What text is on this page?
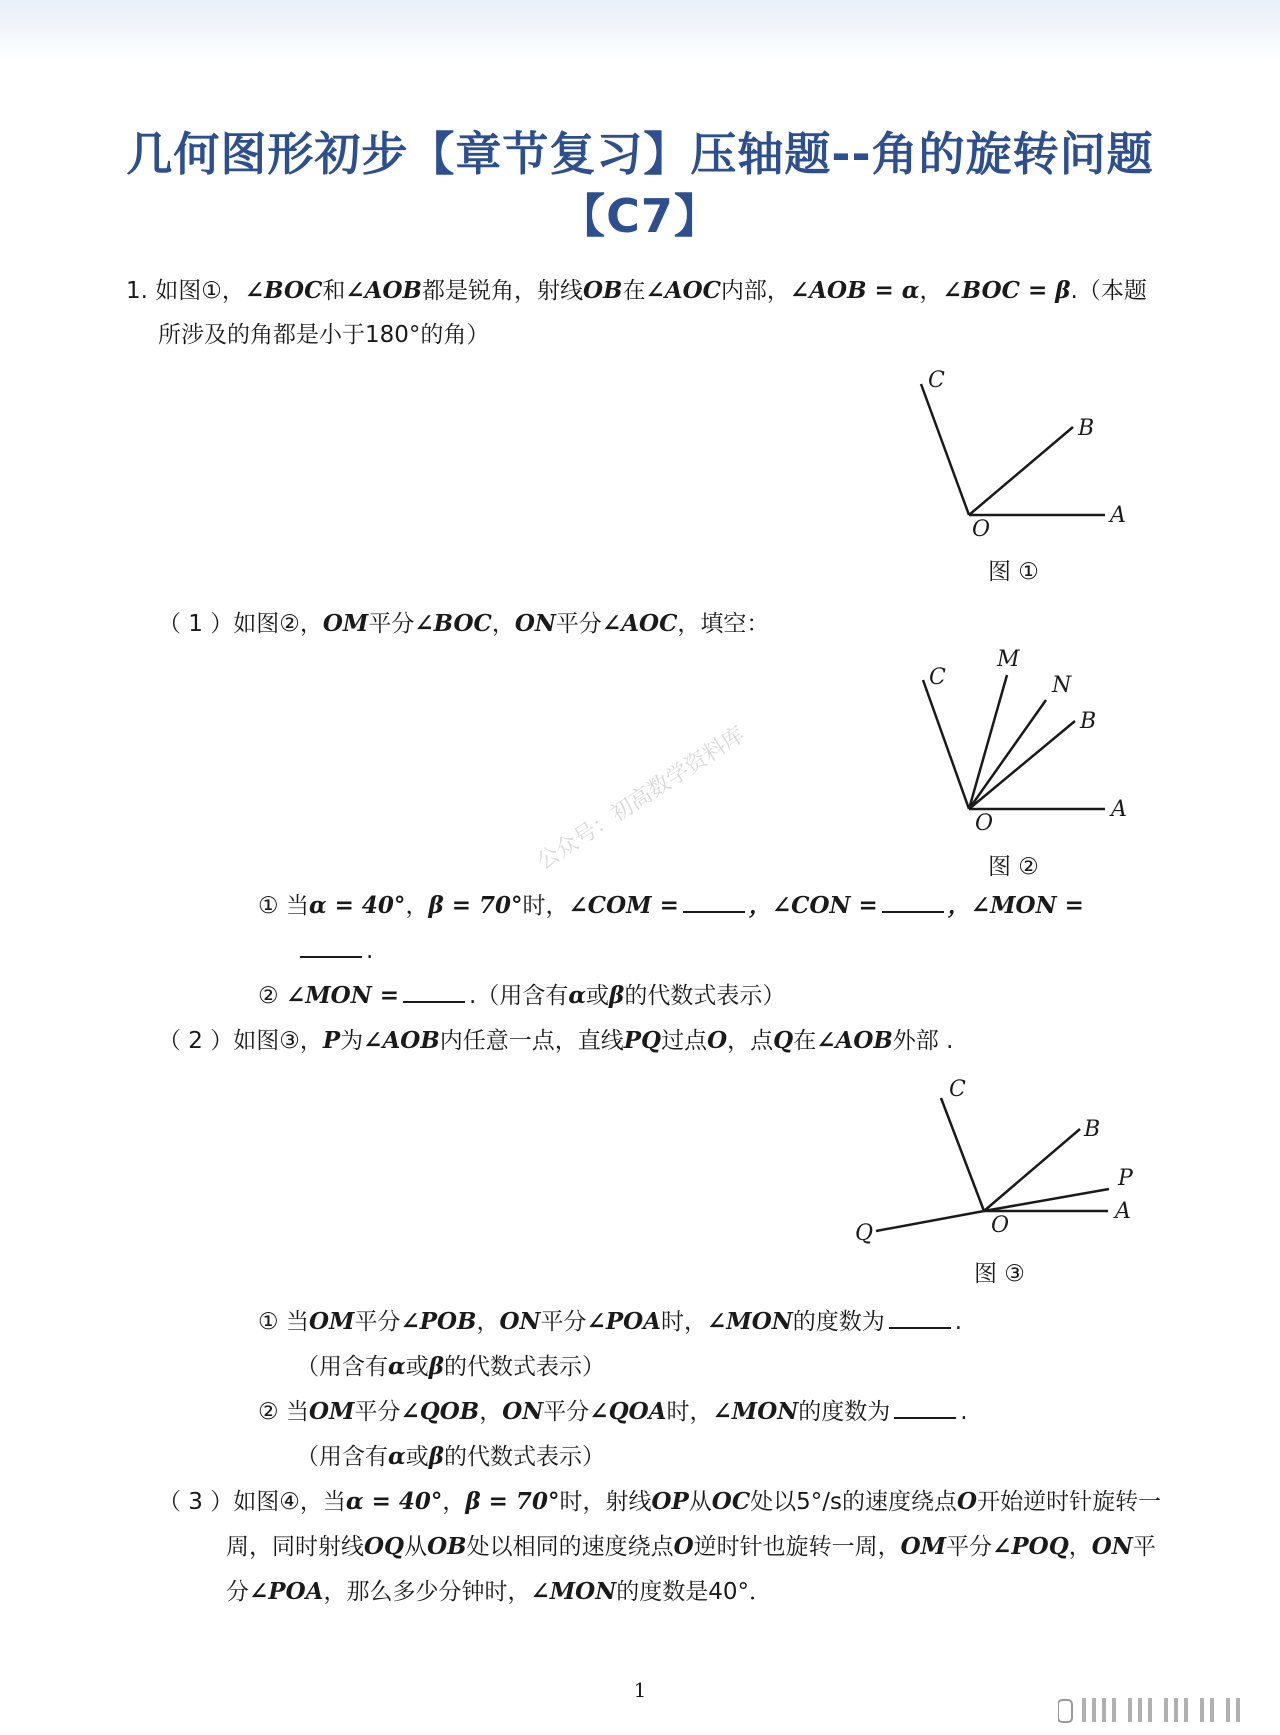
几何图形初步【章节复习】压轴题--角的旋转问题
【C7】
1. 如图①，∠BOC和∠AOB都是锐角，射线OB在∠AOC内部，∠AOB = α，∠BOC = β.（本题
所涉及的角都是小于180°的角）
C
B
O
A
图 ①
（ 1 ）如图②，OM平分∠BOC，ON平分∠AOC，填空：
C
M
N
B
O
A
图 ②
公众号：初高数学资料库
① 当α = 40°，β = 70°时，∠COM =	，∠CON =	，∠MON =
.
② ∠MON =	.（用含有α或β的代数式表示）
（ 2 ）如图③，P为∠AOB内任意一点，直线PQ过点O，点Q在∠AOB外部 .
C
B
P
A
O
Q
图 ③
① 当OM平分∠POB，ON平分∠POA时，∠MON的度数为	.
（用含有α或β的代数式表示）
② 当OM平分∠QOB，ON平分∠QOA时，∠MON的度数为	.
（用含有α或β的代数式表示）
（ 3 ）如图④，当α = 40°，β = 70°时，射线OP从OC处以5°/s的速度绕点O开始逆时针旋转一
周，同时射线OQ从OB处以相同的速度绕点O逆时针也旋转一周，OM平分∠POQ，ON平
分∠POA，那么多少分钟时，∠MON的度数是40°．
1
